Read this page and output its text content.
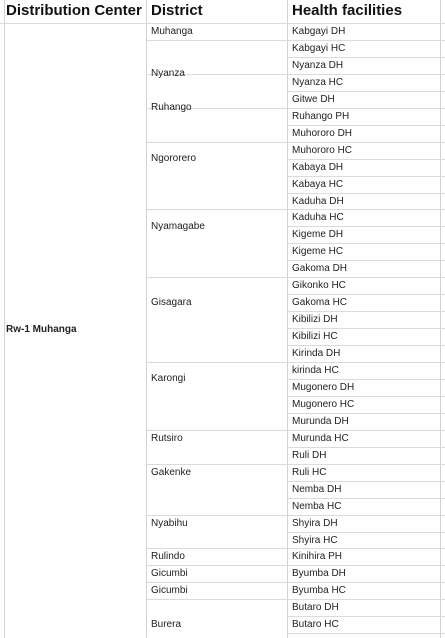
Distribution Center District	Health facilities
Rw-1 Muhanga
Kabgayi DH
Kabgayi HC
Nyanza DH
Nyanza HC
Gitwe DH
Ruhango PH
Muhororo DH
Muhororo HC
Kabaya DH
Kabaya HC
Kaduha DH
Kaduha HC
Kigeme DH
Kigeme HC
Gakoma DH
Gikonko HC
Gakoma HC
Kibilizi DH
Kibilizi HC
Kirinda DH
kirinda HC
Mugonero DH
Mugonero HC
Murunda DH
Murunda HC
Ruli DH
Ruli HC
Nemba DH
Nemba HC
Shyira DH
Shyira HC
Kinihira PH
Byumba DH
Byumba HC
Butaro DH
Butaro HC
Muhanga
Nyanza
Ruhango
Ngororero
Nyamagabe
Gisagara
Karongi
Rutsiro
Gakenke
Nyabihu
Rulindo
Gicumbi
Gicumbi
Burera
